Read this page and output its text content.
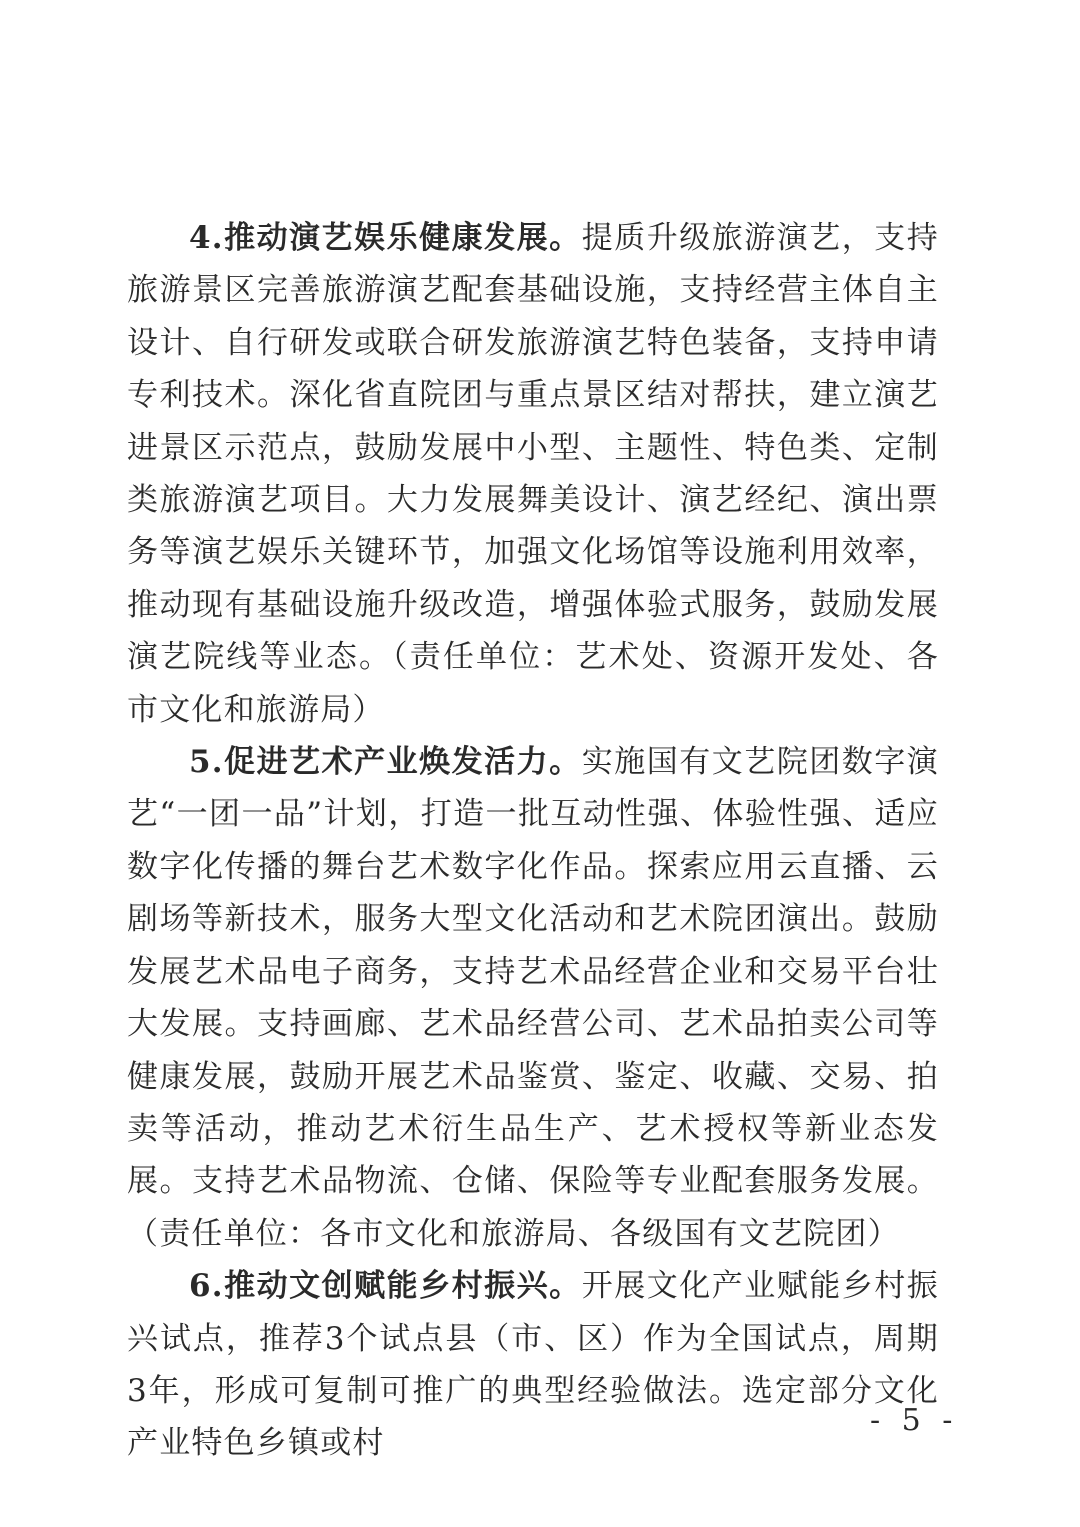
4.推动演艺娱乐健康发展。提质升级旅游演艺，支持旅游景区完善旅游演艺配套基础设施，支持经营主体自主设计、自行研发或联合研发旅游演艺特色装备，支持申请专利技术。深化省直院团与重点景区结对帮扶，建立演艺进景区示范点，鼓励发展中小型、主题性、特色类、定制类旅游演艺项目。大力发展舞美设计、演艺经纪、演出票务等演艺娱乐关键环节，加强文化场馆等设施利用效率，推动现有基础设施升级改造，增强体验式服务，鼓励发展演艺院线等业态。（责任单位：艺术处、资源开发处、各市文化和旅游局）

5.促进艺术产业焕发活力。实施国有文艺院团数字演艺“一团一品”计划，打造一批互动性强、体验性强、适应数字化传播的舞台艺术数字化作品。探索应用云直播、云剧场等新技术，服务大型文化活动和艺术院团演出。鼓励发展艺术品电子商务，支持艺术品经营企业和交易平台壮大发展。支持画廊、艺术品经营公司、艺术品拍卖公司等健康发展，鼓励开展艺术品鉴赏、鉴定、收藏、交易、拍卖等活动，推动艺术衍生品生产、艺术授权等新业态发展。支持艺术品物流、仓储、保险等专业配套服务发展。（责任单位：各市文化和旅游局、各级国有文艺院团）

6.推动文创赋能乡村振兴。开展文化产业赋能乡村振兴试点，推荐3个试点县（市、区）作为全国试点，周期3年，形成可复制可推广的典型经验做法。选定部分文化产业特色乡镇或村

- 5 -
